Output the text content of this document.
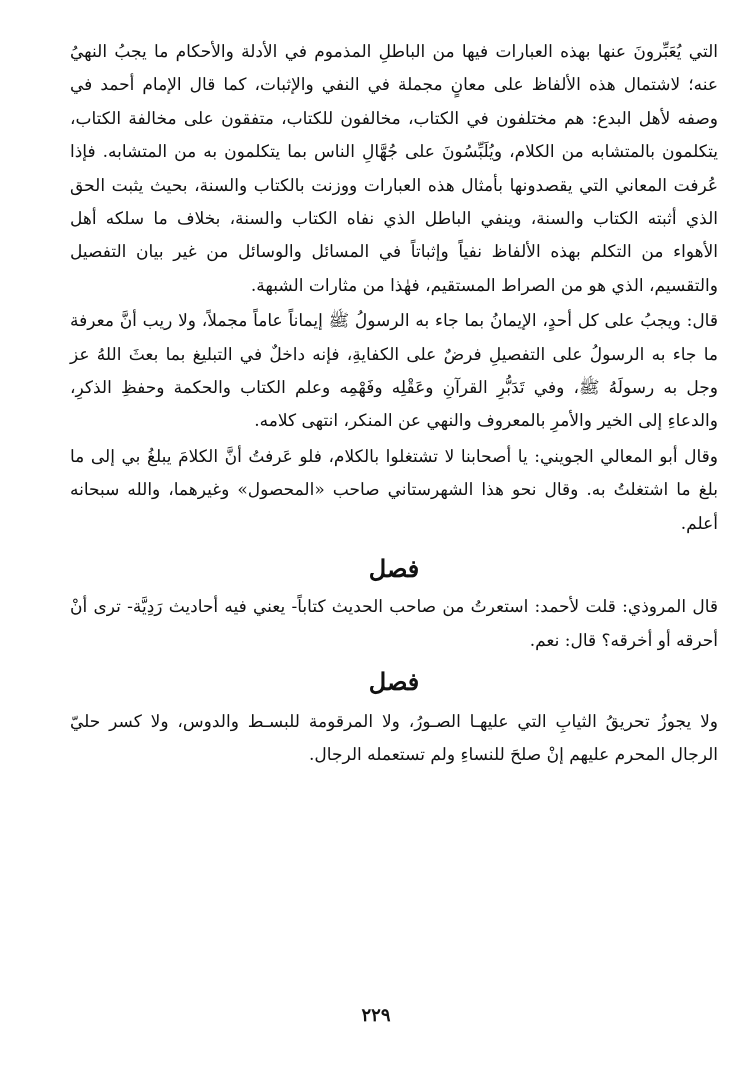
التي يُعَبِّرونَ عنها بهذه العبارات فيها من الباطلِ المذموم في الأدلة والأحكام ما يجبُ النهيُ عنه؛ لاشتمال هذه الألفاظ على معانٍ مجملة في النفي والإثبات، كما قال الإمام أحمد في وصفه لأهل البدع: هم مختلفون في الكتاب، مخالفون للكتاب، متفقون على مخالفة الكتاب، يتكلمون بالمتشابه من الكلام، ويُلَبِّسُونَ على جُهَّالِ الناس بما يتكلمون به من المتشابه. فإذا عُرفت المعاني التي يقصدونها بأمثال هذه العبارات ووزنت بالكتاب والسنة، بحيث يثبت الحق الذي أثبته الكتاب والسنة، وينفي الباطل الذي نفاه الكتاب والسنة، بخلاف ما سلكه أهل الأهواء من التكلم بهذه الألفاظ نفياً وإثباتاً في المسائل والوسائل من غير بيان التفصيل والتقسيم، الذي هو من الصراط المستقيم، فهٰذا من مثارات الشبهة.

قال: ويجبُ على كل أحدٍ، الإيمانُ بما جاء به الرسولُ ﷺ إيماناً عاماً مجملاً، ولا ريب أنَّ معرفة ما جاء به الرسولُ على التفصيلِ فرضٌ على الكفايةِ، فإنه داخلٌ في التبليغ بما بعثَ اللهُ عز وجل به رسولَهُ ﷺ، وفي تَدَبُّرِ القرآنِ وعَقْلِه وفَهْمِه وعلم الكتاب والحكمة وحفظِ الذكرِ، والدعاءِ إلى الخير والأمرِ بالمعروف والنهي عن المنكر، انتهى كلامه.

وقال أبو المعالي الجويني: يا أصحابنا لا تشتغلوا بالكلام، فلو عَرفتُ أنَّ الكلامَ يبلغُ بي إلى ما بلغ ما اشتغلتُ به. وقال نحو هذا الشهرستاني صاحب «المحصول» وغيرهما، والله سبحانه أعلم.

فصل

قال المروذي: قلت لأحمد: استعرتُ من صاحب الحديث كتاباً- يعني فيه أحاديث رَدِيَّة- ترى أنْ أحرقه أو أخرقه؟ قال: نعم.

فصل

ولا يجوزُ تحريقُ الثيابِ التي عليهـا الصـورُ، ولا المرقومة للبسـط والدوس، ولا كسر حليّ الرجال المحرم عليهم إنْ صلحَ للنساءِ ولم تستعمله الرجال.

٢٢٩
